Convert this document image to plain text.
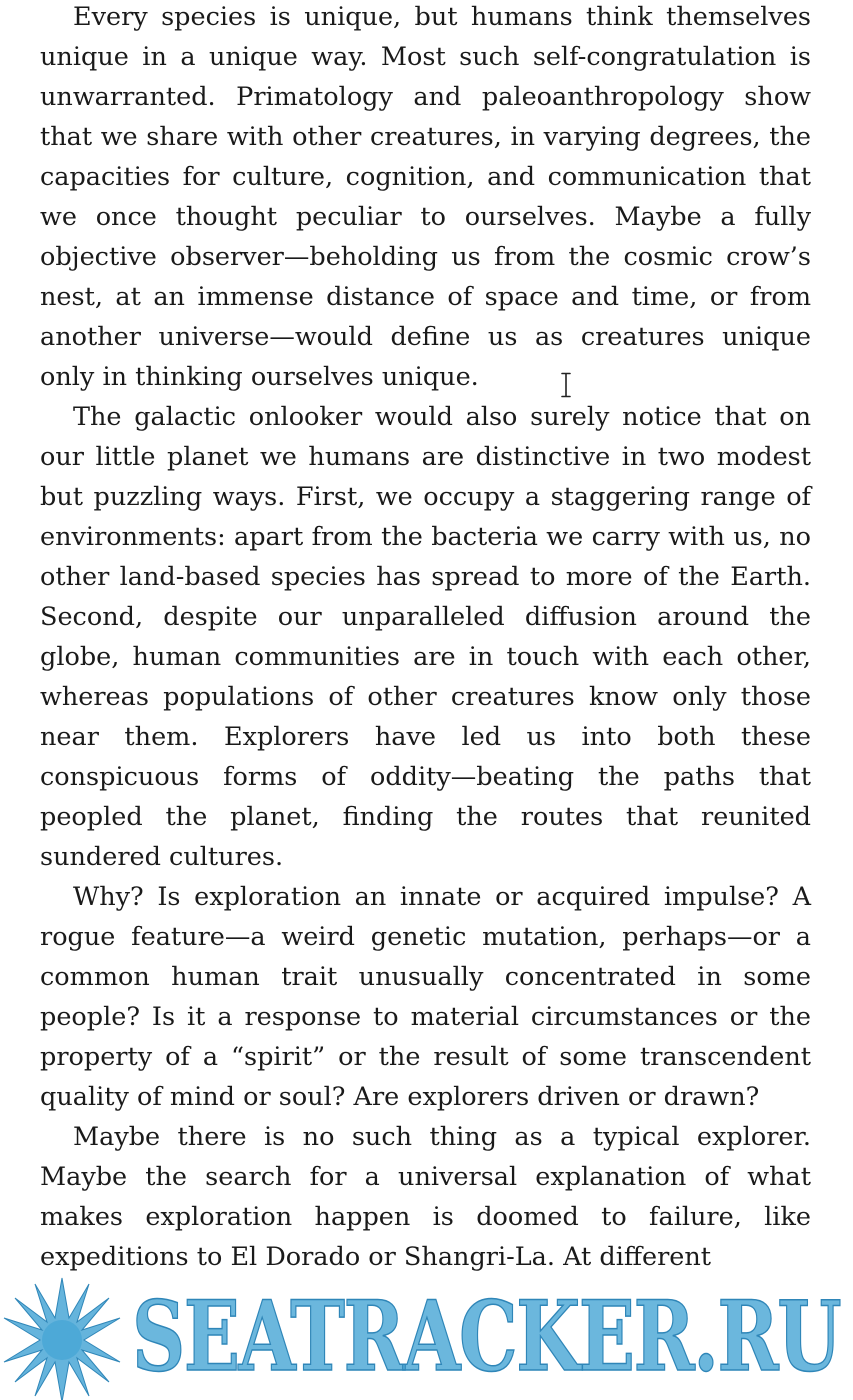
Every species is unique, but humans think themselves unique in a unique way. Most such self-congratulation is unwarranted. Primatology and paleoanthropology show that we share with other creatures, in varying degrees, the capacities for culture, cognition, and communication that we once thought peculiar to ourselves. Maybe a fully objective observer—beholding us from the cosmic crow’s nest, at an immense distance of space and time, or from another universe—would define us as creatures unique only in thinking ourselves unique.

The galactic onlooker would also surely notice that on our little planet we humans are distinctive in two modest but puzzling ways. First, we occupy a staggering range of environments: apart from the bacteria we carry with us, no other land-based species has spread to more of the Earth. Second, despite our unparalleled diffusion around the globe, human communities are in touch with each other, whereas populations of other creatures know only those near them. Explorers have led us into both these conspicuous forms of oddity—beating the paths that peopled the planet, finding the routes that reunited sundered cultures.

Why? Is exploration an innate or acquired impulse? A rogue feature—a weird genetic mutation, perhaps—or a common human trait unusually concentrated in some people? Is it a response to material circumstances or the property of a “spirit” or the result of some transcendent quality of mind or soul? Are explorers driven or drawn?

Maybe there is no such thing as a typical explorer. Maybe the search for a universal explanation of what makes exploration happen is doomed to failure, like expeditions to El Dorado or Shangri-La. At different

SEATRACKER.RU
